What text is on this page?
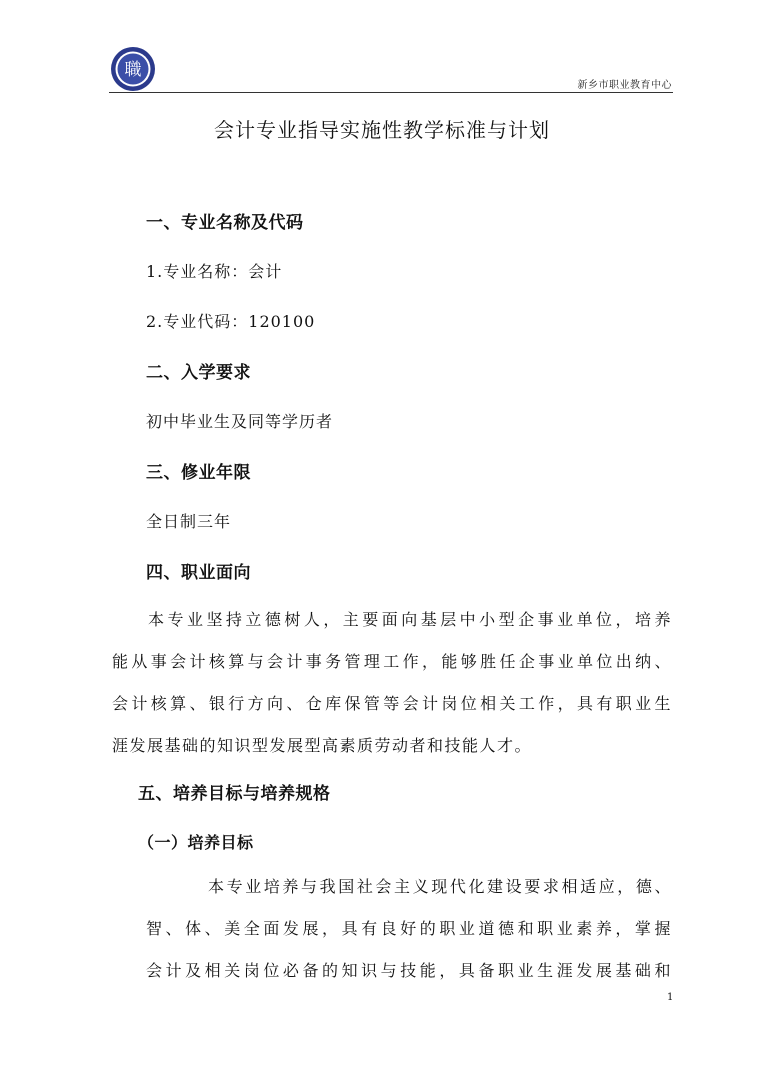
職
新乡市职业教育中心
会计专业指导实施性教学标准与计划
一、专业名称及代码
1.专业名称：会计
2.专业代码：120100
二、入学要求
初中毕业生及同等学历者
三、修业年限
全日制三年
四、职业面向
本专业坚持立德树人，主要面向基层中小型企事业单位，培养
能从事会计核算与会计事务管理工作，能够胜任企事业单位出纳、
会计核算、银行方向、仓库保管等会计岗位相关工作，具有职业生
涯发展基础的知识型发展型高素质劳动者和技能人才。
五、培养目标与培养规格
（一）培养目标
本专业培养与我国社会主义现代化建设要求相适应，德、
智、体、美全面发展，具有良好的职业道德和职业素养，掌握
会计及相关岗位必备的知识与技能，具备职业生涯发展基础和
1
